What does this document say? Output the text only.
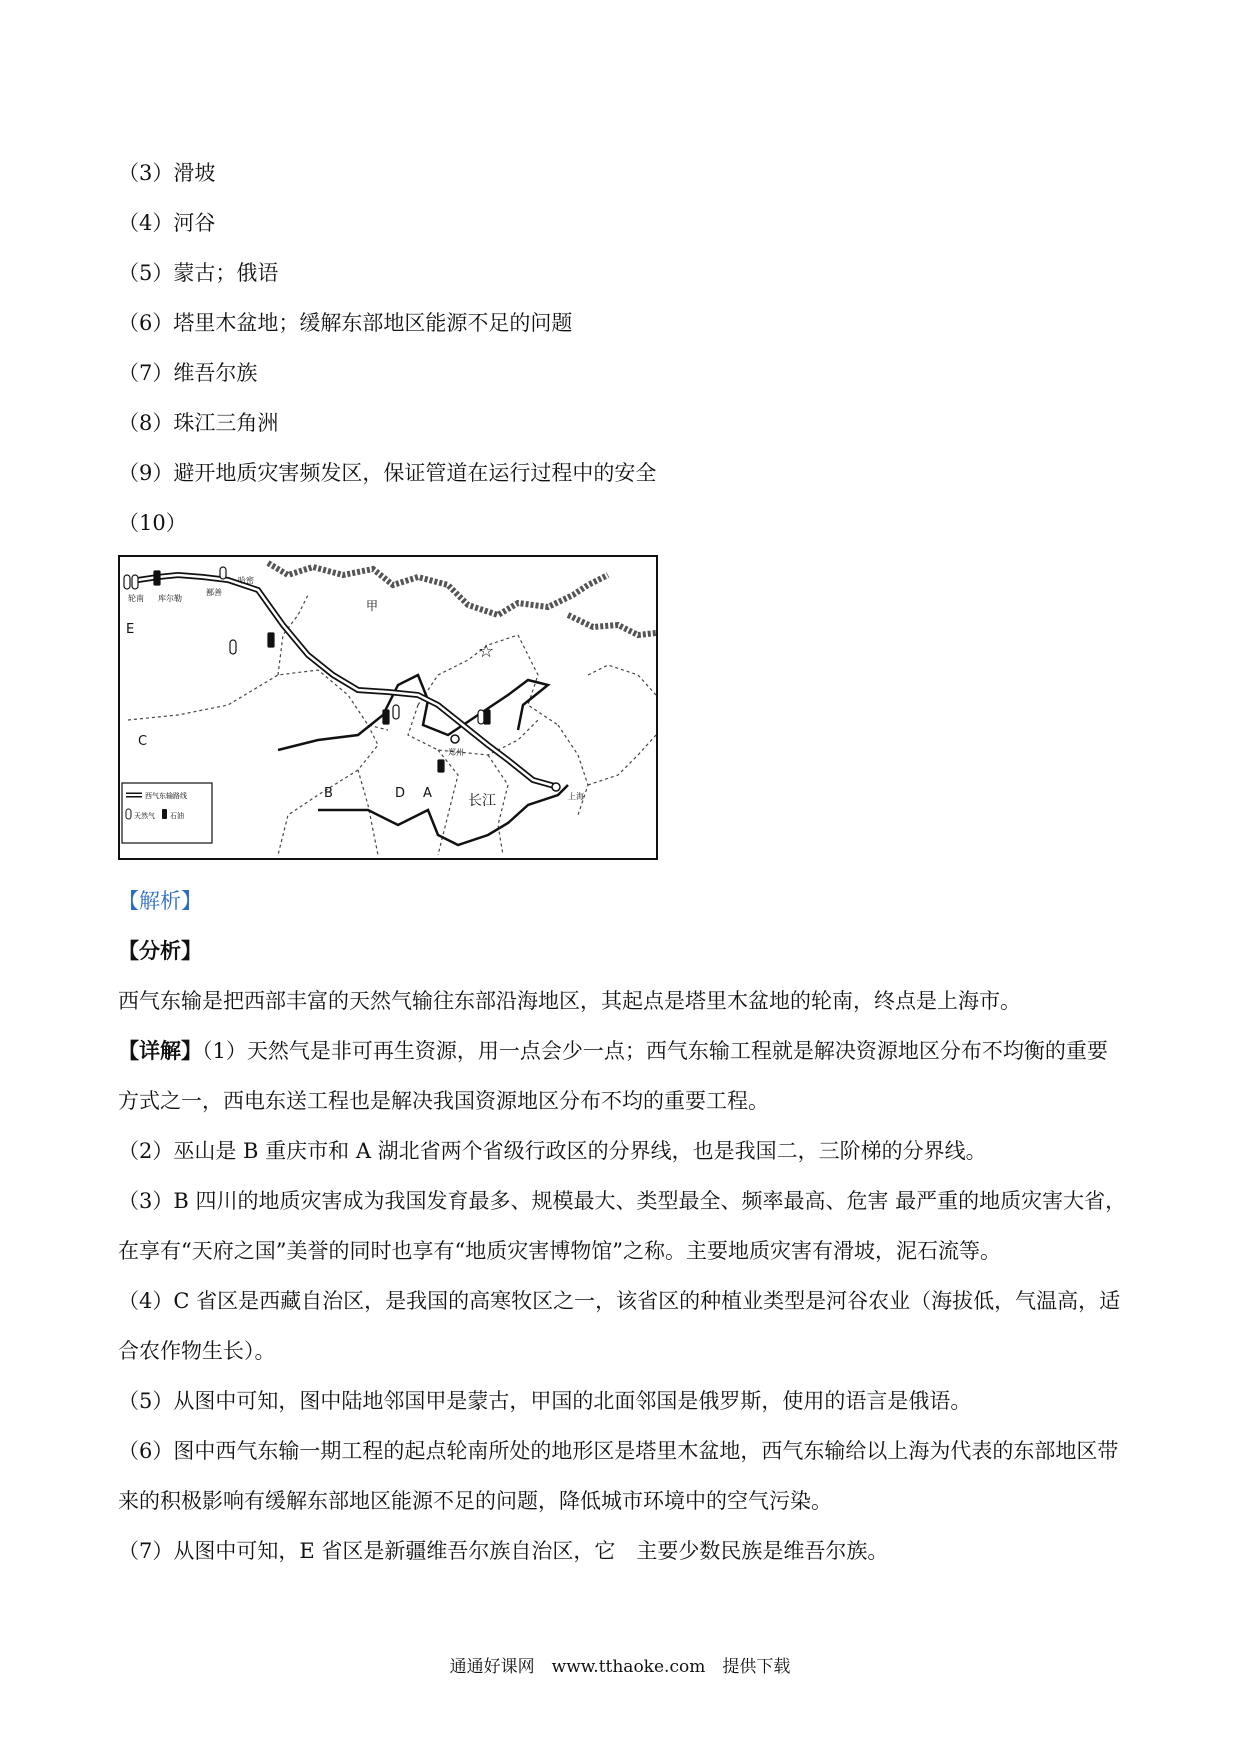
（3）滑坡
（4）河谷
（5）蒙古；俄语
（6）塔里木盆地；缓解东部地区能源不足的问题
（7）维吾尔族
（8）珠江三角洲
（9）避开地质灾害频发区，保证管道在运行过程中的安全
（10）
☆
甲
E
C
B	D A
轮南 库尔勒
鄯善
哈密
郑州
上海
长江
西气东输路线
天然气 石油
【解析】
【分析】
西气东输是把西部丰富的天然气输往东部沿海地区，其起点是塔里木盆地的轮南，终点是上海市。
【详解】（1）天然气是非可再生资源，用一点会少一点；西气东输工程就是解决资源地区分布不均衡的重要方式之一，西电东送工程也是解决我国资源地区分布不均的重要工程。
（2）巫山是 B 重庆市和 A 湖北省两个省级行政区的分界线，也是我国二，三阶梯的分界线。
（3）B 四川的地质灾害成为我国发育最多、规模最大、类型最全、频率最高、危害 最严重的地质灾害大省，在享有“天府之国”美誉的同时也享有“地质灾害博物馆”之称。主要地质灾害有滑坡，泥石流等。
（4）C 省区是西藏自治区，是我国的高寒牧区之一，该省区的种植业类型是河谷农业（海拔低，气温高，适合农作物生长）。
（5）从图中可知，图中陆地邻国甲是蒙古，甲国的北面邻国是俄罗斯，使用的语言是俄语。
（6）图中西气东输一期工程的起点轮南所处的地形区是塔里木盆地，西气东输给以上海为代表的东部地区带来的积极影响有缓解东部地区能源不足的问题，降低城市环境中的空气污染。
（7）从图中可知，E 省区是新疆维吾尔族自治区，它　主要少数民族是维吾尔族。
通通好课网　www.tthaoke.com　提供下载
